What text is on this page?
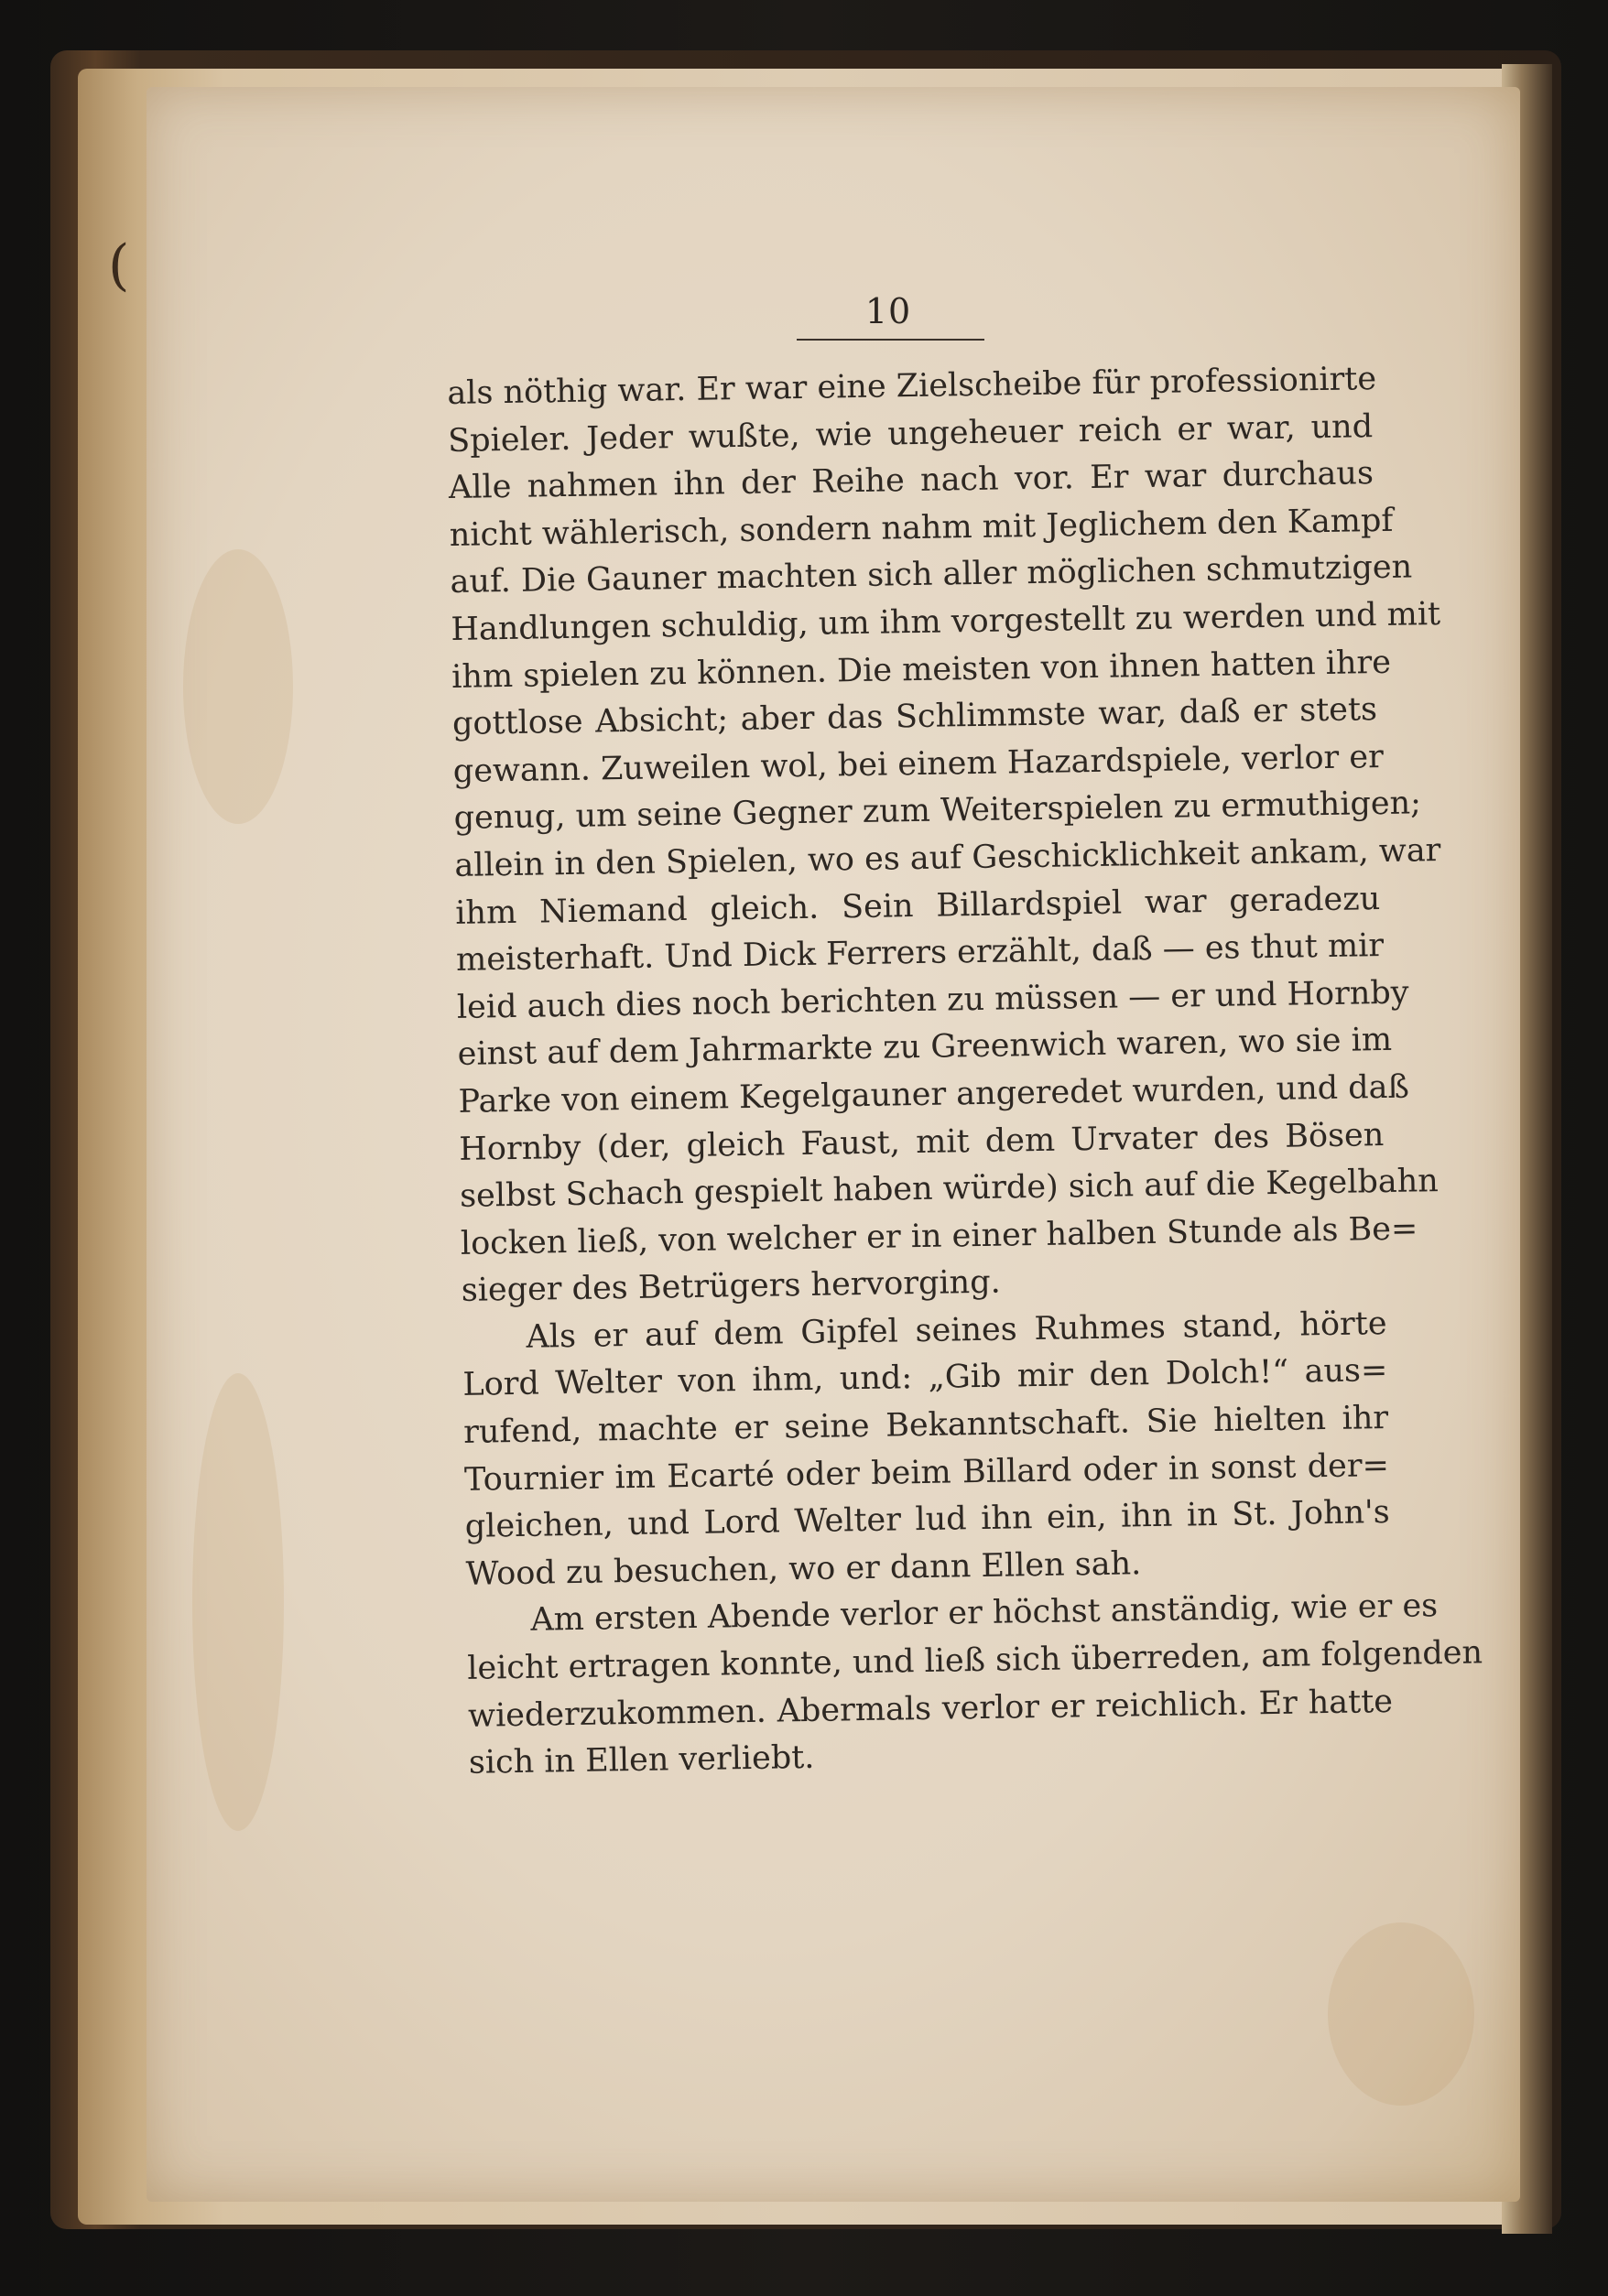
(
10
als nöthig war. Er war eine Zielscheibe für professionirte
Spieler. Jeder wußte, wie ungeheuer reich er war, und
Alle nahmen ihn der Reihe nach vor. Er war durchaus
nicht wählerisch, sondern nahm mit Jeglichem den Kampf
auf. Die Gauner machten sich aller möglichen schmutzigen
Handlungen schuldig, um ihm vorgestellt zu werden und mit
ihm spielen zu können. Die meisten von ihnen hatten ihre
gottlose Absicht; aber das Schlimmste war, daß er stets
gewann. Zuweilen wol, bei einem Hazardspiele, verlor er
genug, um seine Gegner zum Weiterspielen zu ermuthigen;
allein in den Spielen, wo es auf Geschicklichkeit ankam, war
ihm Niemand gleich. Sein Billardspiel war geradezu
meisterhaft. Und Dick Ferrers erzählt, daß — es thut mir
leid auch dies noch berichten zu müssen — er und Hornby
einst auf dem Jahrmarkte zu Greenwich waren, wo sie im
Parke von einem Kegelgauner angeredet wurden, und daß
Hornby (der, gleich Faust, mit dem Urvater des Bösen
selbst Schach gespielt haben würde) sich auf die Kegelbahn
locken ließ, von welcher er in einer halben Stunde als Be=
sieger des Betrügers hervorging.
Als er auf dem Gipfel seines Ruhmes stand, hörte
Lord Welter von ihm, und: „Gib mir den Dolch!“ aus=
rufend, machte er seine Bekanntschaft. Sie hielten ihr
Tournier im Ecarté oder beim Billard oder in sonst der=
gleichen, und Lord Welter lud ihn ein, ihn in St. John's
Wood zu besuchen, wo er dann Ellen sah.
Am ersten Abende verlor er höchst anständig, wie er es
leicht ertragen konnte, und ließ sich überreden, am folgenden
wiederzukommen. Abermals verlor er reichlich. Er hatte
sich in Ellen verliebt.
